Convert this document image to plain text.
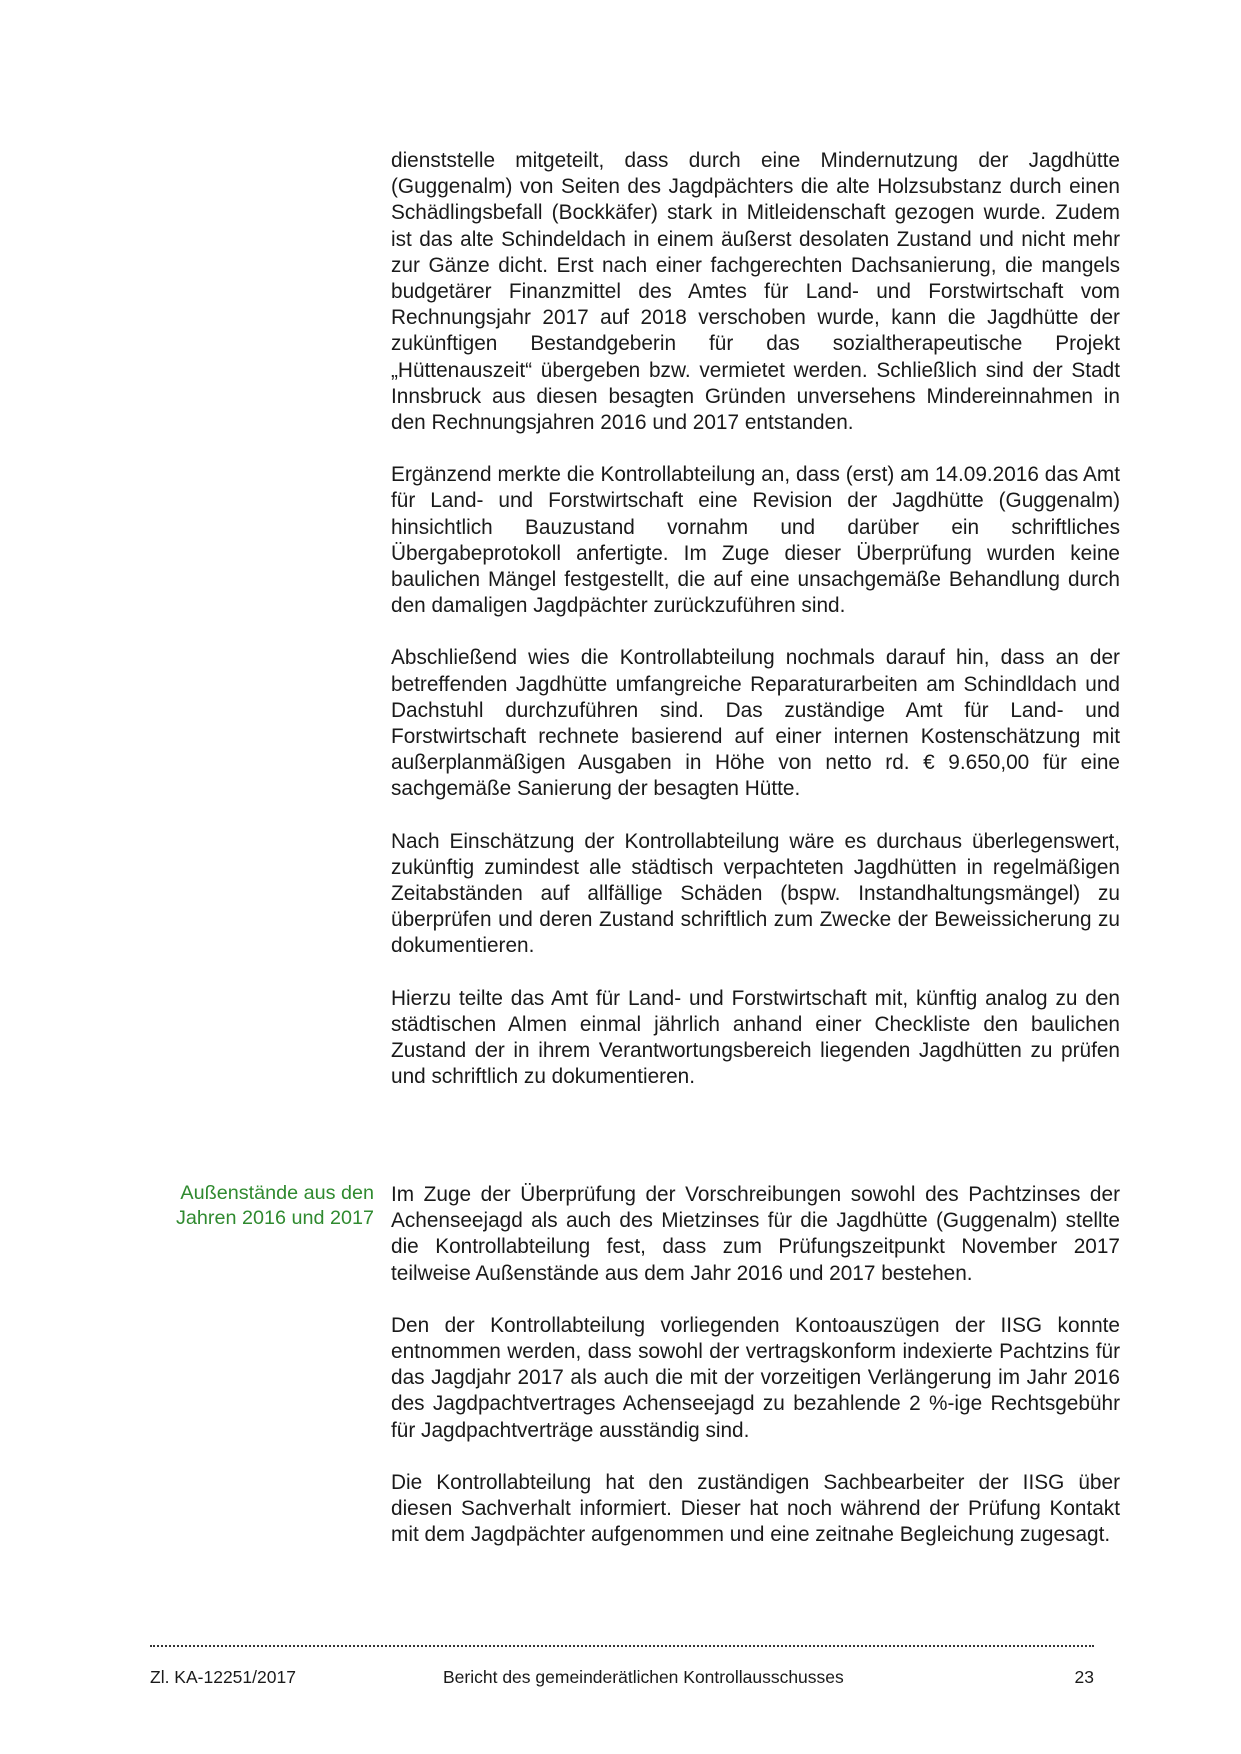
dienststelle mitgeteilt, dass durch eine Mindernutzung der Jagdhütte (Guggenalm) von Seiten des Jagdpächters die alte Holzsubstanz durch einen Schädlingsbefall (Bockkäfer) stark in Mitleidenschaft gezogen wurde. Zudem ist das alte Schindeldach in einem äußerst desolaten Zustand und nicht mehr zur Gänze dicht. Erst nach einer fachgerechten Dachsanierung, die mangels budgetärer Finanzmittel des Amtes für Land- und Forstwirtschaft vom Rechnungsjahr 2017 auf 2018 verschoben wurde, kann die Jagdhütte der zukünftigen Bestandgeberin für das sozialtherapeutische Projekt „Hüttenauszeit“ übergeben bzw. vermietet werden. Schließlich sind der Stadt Innsbruck aus diesen besagten Gründen unversehens Mindereinnahmen in den Rechnungsjahren 2016 und 2017 entstanden.

Ergänzend merkte die Kontrollabteilung an, dass (erst) am 14.09.2016 das Amt für Land- und Forstwirtschaft eine Revision der Jagdhütte (Guggenalm) hinsichtlich Bauzustand vornahm und darüber ein schriftliches Übergabeprotokoll anfertigte. Im Zuge dieser Überprüfung wurden keine baulichen Mängel festgestellt, die auf eine unsachgemäße Behandlung durch den damaligen Jagdpächter zurückzuführen sind.

Abschließend wies die Kontrollabteilung nochmals darauf hin, dass an der betreffenden Jagdhütte umfangreiche Reparaturarbeiten am Schindldach und Dachstuhl durchzuführen sind. Das zuständige Amt für Land- und Forstwirtschaft rechnete basierend auf einer internen Kostenschätzung mit außerplanmäßigen Ausgaben in Höhe von netto rd. € 9.650,00 für eine sachgemäße Sanierung der besagten Hütte.

Nach Einschätzung der Kontrollabteilung wäre es durchaus überlegenswert, zukünftig zumindest alle städtisch verpachteten Jagdhütten in regelmäßigen Zeitabständen auf allfällige Schäden (bspw. Instandhaltungsmängel) zu überprüfen und deren Zustand schriftlich zum Zwecke der Beweissicherung zu dokumentieren.

Hierzu teilte das Amt für Land- und Forstwirtschaft mit, künftig analog zu den städtischen Almen einmal jährlich anhand einer Checkliste den baulichen Zustand der in ihrem Verantwortungsbereich liegenden Jagdhütten zu prüfen und schriftlich zu dokumentieren.

Außenstände aus den
Jahren 2016 und 2017

Im Zuge der Überprüfung der Vorschreibungen sowohl des Pachtzinses der Achenseejagd als auch des Mietzinses für die Jagdhütte (Guggenalm) stellte die Kontrollabteilung fest, dass zum Prüfungszeitpunkt November 2017 teilweise Außenstände aus dem Jahr 2016 und 2017 bestehen.

Den der Kontrollabteilung vorliegenden Kontoauszügen der IISG konnte entnommen werden, dass sowohl der vertragskonform indexierte Pachtzins für das Jagdjahr 2017 als auch die mit der vorzeitigen Verlängerung im Jahr 2016 des Jagdpachtvertrages Achenseejagd zu bezahlende 2 %-ige Rechtsgebühr für Jagdpachtverträge ausständig sind.

Die Kontrollabteilung hat den zuständigen Sachbearbeiter der IISG über diesen Sachverhalt informiert. Dieser hat noch während der Prüfung Kontakt mit dem Jagdpächter aufgenommen und eine zeitnahe Begleichung zugesagt.

Zl. KA-12251/2017	Bericht des gemeinderätlichen Kontrollausschusses	23
